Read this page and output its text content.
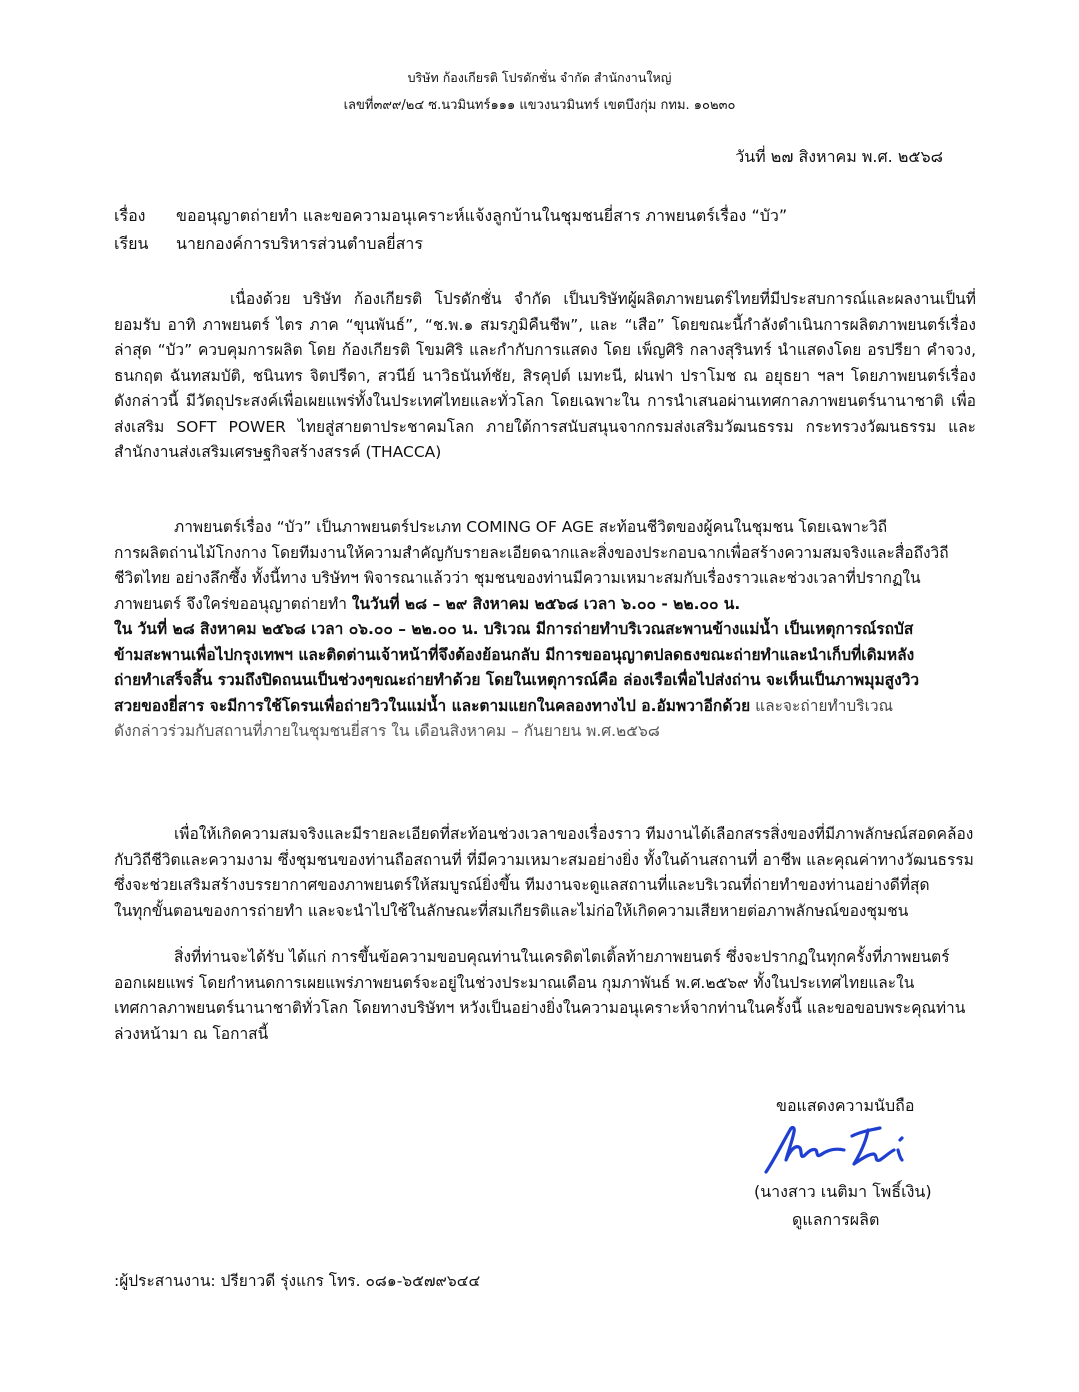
บริษัท ก้องเกียรติ โปรดักชั่น จำกัด สำนักงานใหญ่
เลขที่๓๙๙/๒๔ ซ.นวมินทร์๑๑๑ แขวงนวมินทร์ เขตบึงกุ่ม กทม. ๑๐๒๓๐
วันที่ ๒๗ สิงหาคม พ.ศ. ๒๕๖๘
เรื่อง ขออนุญาตถ่ายทำ และขอความอนุเคราะห์แจ้งลูกบ้านในชุมชนยี่สาร ภาพยนตร์เรื่อง “บัว”
เรียน นายกองค์การบริหารส่วนตำบลยี่สาร
เนื่องด้วย บริษัท ก้องเกียรติ โปรดักชั่น จำกัด เป็นบริษัทผู้ผลิตภาพยนตร์ไทยที่มีประสบการณ์และผลงานเป็นที่
ยอมรับ อาทิ ภาพยนตร์ ไตร ภาค “ขุนพันธ์”, “ช.พ.๑ สมรภูมิคืนชีพ”, และ “เสือ” โดยขณะนี้กำลังดำเนินการผลิตภาพยนตร์เรื่อง
ล่าสุด “บัว” ควบคุมการผลิต โดย ก้องเกียรติ โขมศิริ และกำกับการแสดง โดย เพ็ญศิริ กลางสุรินทร์ นำแสดงโดย อรปรียา คำจวง,
ธนกฤต ฉันทสมบัติ, ชนินทร จิตปรีดา, สวนีย์ นาวิธนันท์ชัย, สิรคุปต์ เมทะนี, ฝนฟา ปราโมช ณ อยุธยา ฯลฯ โดยภาพยนตร์เรื่อง
ดังกล่าวนี้ มีวัตถุประสงค์เพื่อเผยแพร่ทั้งในประเทศไทยและทั่วโลก โดยเฉพาะใน การนำเสนอผ่านเทศกาลภาพยนตร์นานาชาติ เพื่อ
ส่งเสริม SOFT POWER ไทยสู่สายตาประชาคมโลก ภายใต้การสนับสนุนจากกรมส่งเสริมวัฒนธรรม กระทรวงวัฒนธรรม และ
สำนักงานส่งเสริมเศรษฐกิจสร้างสรรค์ (THACCA)
ภาพยนตร์เรื่อง “บัว” เป็นภาพยนตร์ประเภท COMING OF AGE สะท้อนชีวิตของผู้คนในชุมชน โดยเฉพาะวิถี
การผลิตถ่านไม้โกงกาง โดยทีมงานให้ความสำคัญกับรายละเอียดฉากและสิ่งของประกอบฉากเพื่อสร้างความสมจริงและสื่อถึงวิถี
ชีวิตไทย อย่างลึกซึ้ง ทั้งนี้ทาง บริษัทฯ พิจารณาแล้วว่า ชุมชนของท่านมีความเหมาะสมกับเรื่องราวและช่วงเวลาที่ปรากฏใน
ภาพยนตร์ จึงใคร่ขออนุญาตถ่ายทำ ในวันที่ ๒๘ – ๒๙ สิงหาคม ๒๕๖๘ เวลา ๖.๐๐ - ๒๒.๐๐ น.
ใน วันที่ ๒๘ สิงหาคม ๒๕๖๘ เวลา ๐๖.๐๐ – ๒๒.๐๐ น. บริเวณ มีการถ่ายทำบริเวณสะพานข้างแม่น้ำ เป็นเหตุการณ์รถบัส
ข้ามสะพานเพื่อไปกรุงเทพฯ และติดต่านเจ้าหน้าที่จึงต้องย้อนกลับ มีการขออนุญาตปลดธงขณะถ่ายทำและนำเก็บที่เดิมหลัง
ถ่ายทำเสร็จสิ้น รวมถึงปิดถนนเป็นช่วงๆขณะถ่ายทำด้วย โดยในเหตุการณ์คือ ล่องเรือเพื่อไปส่งถ่าน จะเห็นเป็นภาพมุมสูงวิว
สวยของยี่สาร จะมีการใช้โดรนเพื่อถ่ายวิวในแม่น้ำ และตามแยกในคลองทางไป อ.อัมพวาอีกด้วย และจะถ่ายทำบริเวณ
ดังกล่าวร่วมกับสถานที่ภายในชุมชนยี่สาร ใน เดือนสิงหาคม – กันยายน พ.ศ.๒๕๖๘
เพื่อให้เกิดความสมจริงและมีรายละเอียดที่สะท้อนช่วงเวลาของเรื่องราว ทีมงานได้เลือกสรรสิ่งของที่มีภาพลักษณ์สอดคล้อง
กับวิถีชีวิตและความงาม ซึ่งชุมชนของท่านถือสถานที่ ที่มีความเหมาะสมอย่างยิ่ง ทั้งในด้านสถานที่ อาชีพ และคุณค่าทางวัฒนธรรม
ซึ่งจะช่วยเสริมสร้างบรรยากาศของภาพยนตร์ให้สมบูรณ์ยิ่งขึ้น ทีมงานจะดูแลสถานที่และบริเวณที่ถ่ายทำของท่านอย่างดีที่สุด
ในทุกขั้นตอนของการถ่ายทำ และจะนำไปใช้ในลักษณะที่สมเกียรติและไม่ก่อให้เกิดความเสียหายต่อภาพลักษณ์ของชุมชน
สิ่งที่ท่านจะได้รับ ได้แก่ การขึ้นข้อความขอบคุณท่านในเครดิตไตเติ้ลท้ายภาพยนตร์ ซึ่งจะปรากฏในทุกครั้งที่ภาพยนตร์
ออกเผยแพร่ โดยกำหนดการเผยแพร่ภาพยนตร์จะอยู่ในช่วงประมาณเดือน กุมภาพันธ์ พ.ศ.๒๕๖๙ ทั้งในประเทศไทยและใน
เทศกาลภาพยนตร์นานาชาติทั่วโลก โดยทางบริษัทฯ หวังเป็นอย่างยิ่งในความอนุเคราะห์จากท่านในครั้งนี้ และขอขอบพระคุณท่าน
ล่วงหน้ามา ณ โอกาสนี้
ขอแสดงความนับถือ
(นางสาว เนติมา โพธิ์เงิน)
ดูแลการผลิต
:ผู้ประสานงาน: ปรียาวดี รุ่งแกร โทร. ๐๘๑-๖๕๗๙๖๔๔
